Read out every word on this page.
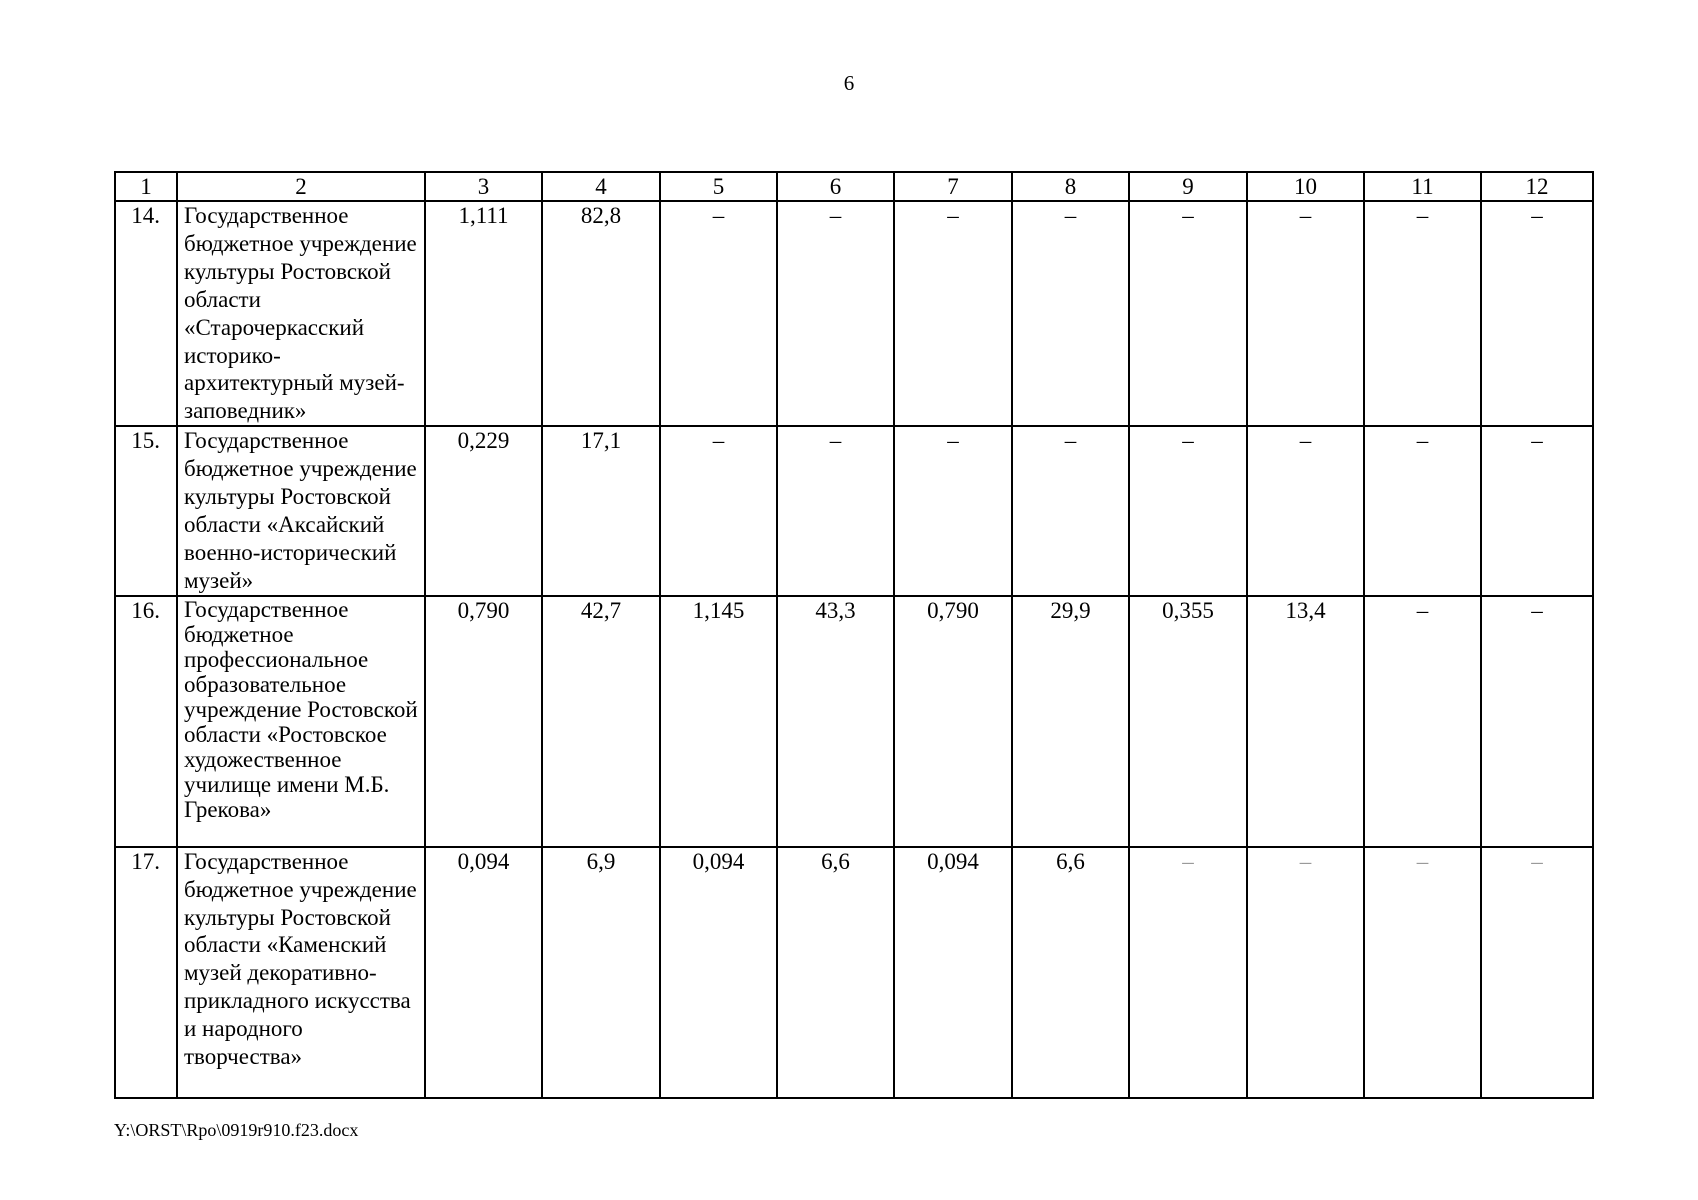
6
1	2	3	4	5	6	7	8	9	10	11	12
14.	Государственное бюджетное учреждение культуры Ростовской области «Старочеркасский историко-архитектурный музей-заповедник»	1,111	82,8	–	–	–	–	–	–	–	–
15.	Государственное бюджетное учреждение культуры Ростовской области «Аксайский военно-исторический музей»	0,229	17,1	–	–	–	–	–	–	–	–
16.	Государственное бюджетное профессиональное образовательное учреждение Ростовской области «Ростовское художественное училище имени М.Б. Грекова»	0,790	42,7	1,145	43,3	0,790	29,9	0,355	13,4	–	–
17.	Государственное бюджетное учреждение культуры Ростовской области «Каменский музей декоративно-прикладного искусства и народного творчества»	0,094	6,9	0,094	6,6	0,094	6,6	–	–	–	–
Y:\ORST\Rpo\0919r910.f23.docx
